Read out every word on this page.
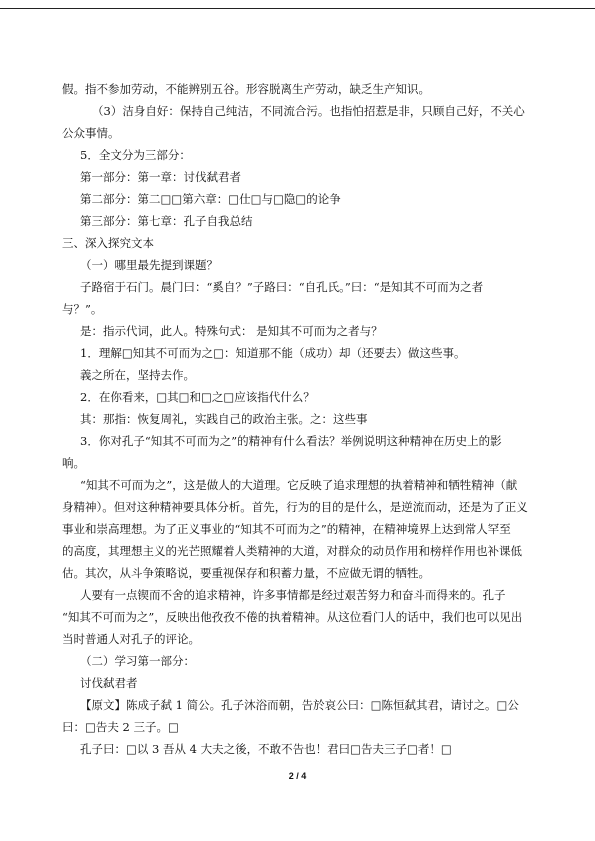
假。指不参加劳动，不能辨别五谷。形容脱离生产劳动，缺乏生产知识。
（3）洁身自好：保持自己纯洁，不同流合污。也指怕招惹是非，只顾自己好，不关心
公众事情。
5．全文分为三部分：
第一部分：第一章：讨伐弑君者
第二部分：第二□□第六章：□仕□与□隐□的论争
第三部分：第七章：孔子自我总结
三、深入探究文本
（一）哪里最先提到课题？
子路宿于石门。晨门曰：“奚自？”子路曰：“自孔氏。”曰：“是知其不可而为之者
与？”。
是：指示代词，此人。特殊句式： 是知其不可而为之者与？
1．理解□知其不可而为之□：知道那不能（成功）却（还要去）做这些事。
義之所在，坚持去作。
2．在你看来，□其□和□之□应该指代什么？
其：那指：恢复周礼，实践自己的政治主张。之：这些事
3．你对孔子“知其不可而为之”的精神有什么看法？举例说明这种精神在历史上的影
响。
“知其不可而为之”，这是做人的大道理。它反映了追求理想的执着精神和牺牲精神（献
身精神）。但对这种精神要具体分析。首先，行为的目的是什么，是逆流而动，还是为了正义
事业和崇高理想。为了正义事业的“知其不可而为之”的精神，在精神境界上达到常人罕至
的高度，其理想主义的光芒照耀着人类精神的大道，对群众的动员作用和榜样作用也补课低
估。其次，从斗争策略说，要重视保存和积蓄力量，不应做无谓的牺牲。
人要有一点锲而不舍的追求精神，许多事情都是经过艰苦努力和奋斗而得来的。孔子
“知其不可而为之”，反映出他孜孜不倦的执着精神。从这位看门人的话中，我们也可以见出
当时普通人对孔子的评论。
（二）学习第一部分：
讨伐弑君者
【原文】陈成子弑 1 简公。孔子沐浴而朝，告於哀公曰：□陈恒弑其君，请讨之。□公
曰：□告夫 2 三子。□
孔子曰：□以 3 吾从 4 大夫之後，不敢不告也！君曰□告夫三子□者！□
2 / 4
